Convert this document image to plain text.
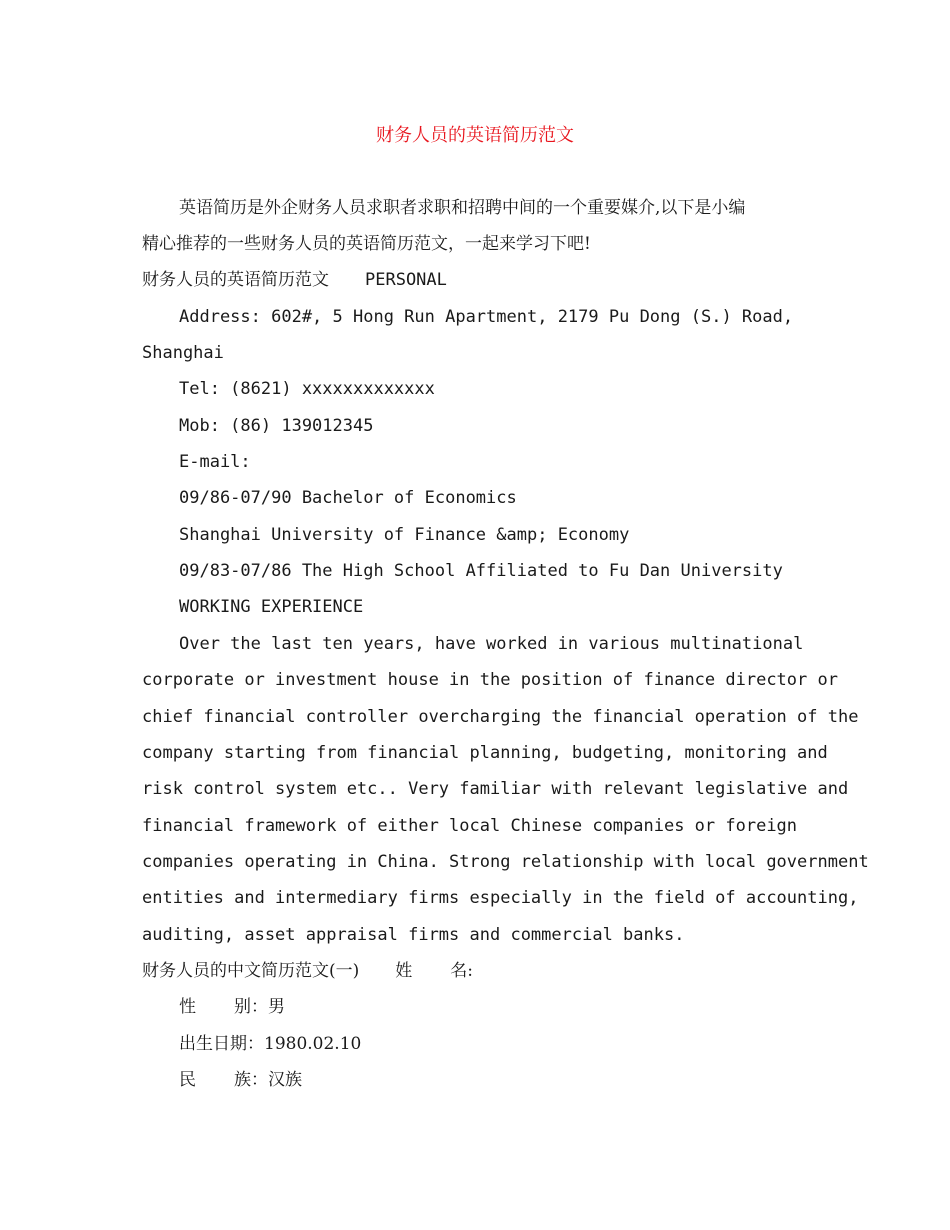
财务人员的英语简历范文
英语简历是外企财务人员求职者求职和招聘中间的一个重要媒介,以下是小编
精心推荐的一些财务人员的英语简历范文，一起来学习下吧!
财务人员的英语简历范文 PERSONAL
Address: 602#, 5 Hong Run Apartment, 2179 Pu Dong (S.) Road,
Shanghai
Tel: (8621) xxxxxxxxxxxxx
Mob: (86) 139012345
E-mail:
09/86-07/90 Bachelor of Economics
Shanghai University of Finance &amp; Economy
09/83-07/86 The High School Affiliated to Fu Dan University
WORKING EXPERIENCE
Over the last ten years, have worked in various multinational
corporate or investment house in the position of finance director or
chief financial controller overcharging the financial operation of the
company starting from financial planning, budgeting, monitoring and
risk control system etc.. Very familiar with relevant legislative and
financial framework of either local Chinese companies or foreign
companies operating in China. Strong relationship with local government
entities and intermediary firms especially in the field of accounting,
auditing, asset appraisal firms and commercial banks.
财务人员的中文简历范文(一) 姓 名:
性 别：男
出生日期：1980.02.10
民 族：汉族
